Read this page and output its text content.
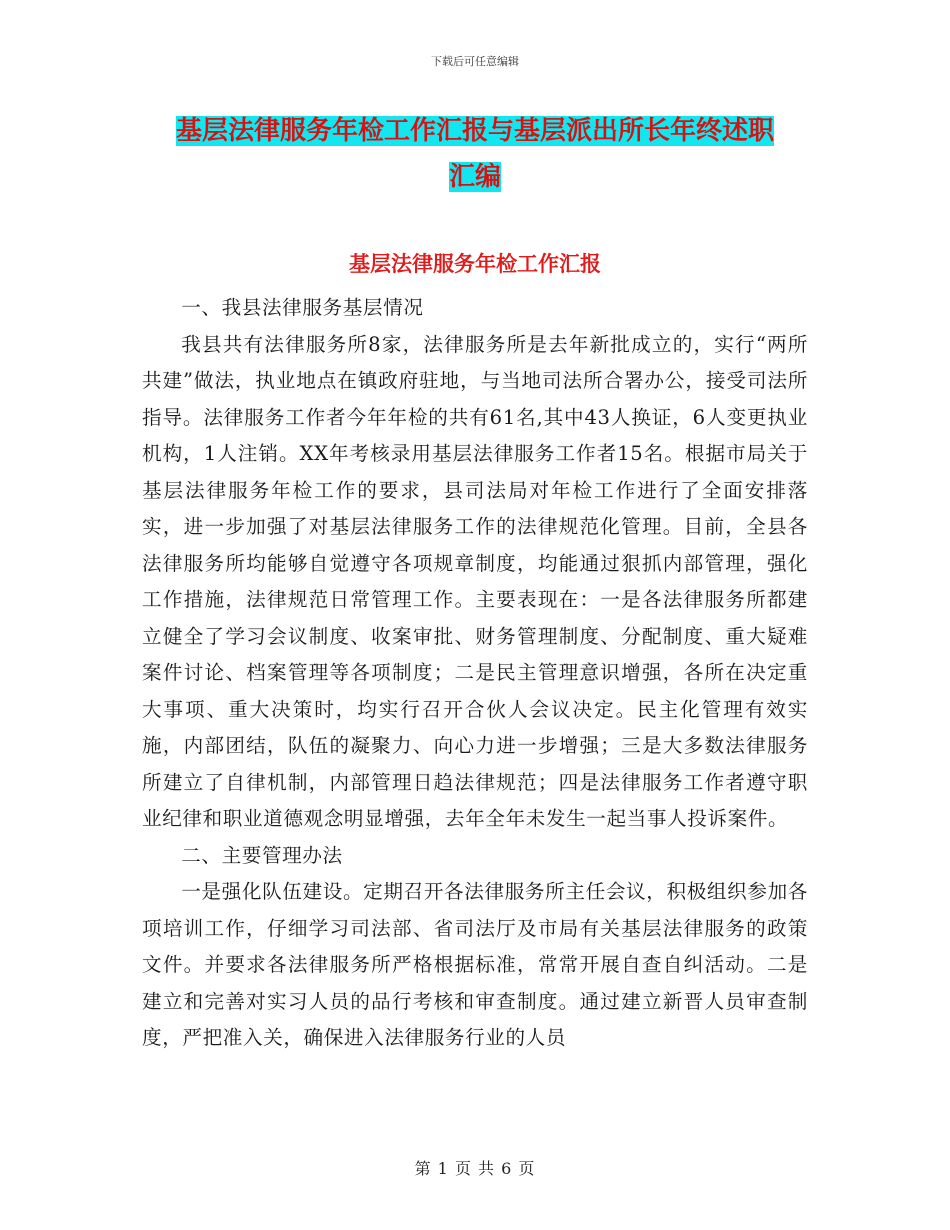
下载后可任意编辑
基层法律服务年检工作汇报与基层派出所长年终述职
汇编
基层法律服务年检工作汇报

一、我县法律服务基层情况

我县共有法律服务所8家，法律服务所是去年新批成立的，实行“两所共建”做法，执业地点在镇政府驻地，与当地司法所合署办公，接受司法所指导。法律服务工作者今年年检的共有61名,其中43人换证，6人变更执业机构，1人注销。XX年考核录用基层法律服务工作者15名。根据市局关于基层法律服务年检工作的要求，县司法局对年检工作进行了全面安排落实，进一步加强了对基层法律服务工作的法律规范化管理。目前，全县各法律服务所均能够自觉遵守各项规章制度，均能通过狠抓内部管理，强化工作措施，法律规范日常管理工作。主要表现在：一是各法律服务所都建立健全了学习会议制度、收案审批、财务管理制度、分配制度、重大疑难案件讨论、档案管理等各项制度；二是民主管理意识增强，各所在决定重大事项、重大决策时，均实行召开合伙人会议决定。民主化管理有效实施，内部团结，队伍的凝聚力、向心力进一步增强；三是大多数法律服务所建立了自律机制，内部管理日趋法律规范；四是法律服务工作者遵守职业纪律和职业道德观念明显增强，去年全年未发生一起当事人投诉案件。

二、主要管理办法

一是强化队伍建设。定期召开各法律服务所主任会议，积极组织参加各项培训工作，仔细学习司法部、省司法厅及市局有关基层法律服务的政策文件。并要求各法律服务所严格根据标准，常常开展自查自纠活动。二是建立和完善对实习人员的品行考核和审查制度。通过建立新晋人员审查制度，严把准入关，确保进入法律服务行业的人员

第 1 页 共 6 页
